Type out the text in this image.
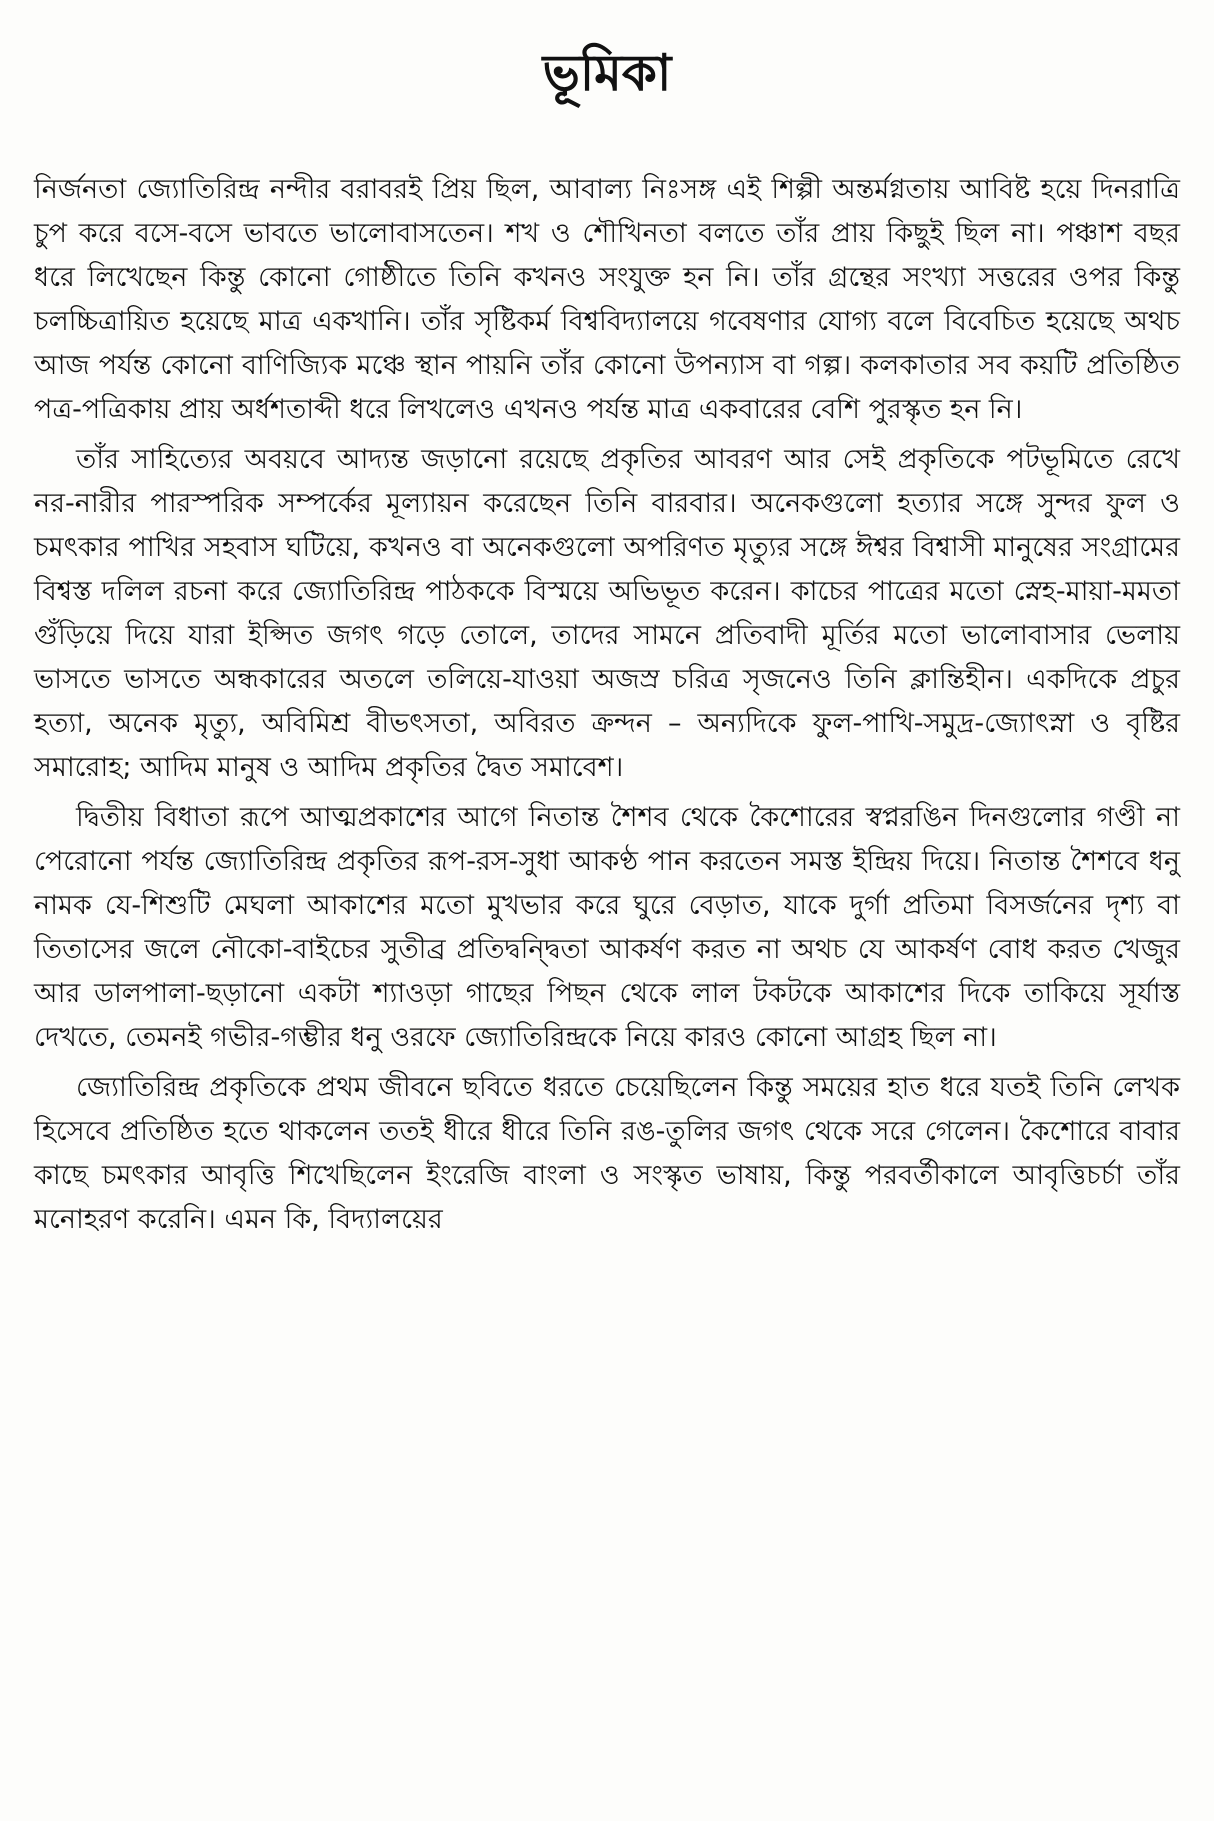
ভূমিকা

নির্জনতা জ্যোতিরিন্দ্র নন্দীর বরাবরই প্রিয় ছিল, আবাল্য নিঃসঙ্গ এই শিল্পী অন্তর্মগ্নতায় আবিষ্ট হয়ে দিনরাত্রি চুপ করে বসে-বসে ভাবতে ভালোবাসতেন। শখ ও শৌখিনতা বলতে তাঁর প্রায় কিছুই ছিল না। পঞ্চাশ বছর ধরে লিখেছেন কিন্তু কোনো গোষ্ঠীতে তিনি কখনও সংযুক্ত হন নি। তাঁর গ্রন্থের সংখ্যা সত্তরের ওপর কিন্তু চলচ্চিত্রায়িত হয়েছে মাত্র একখানি। তাঁর সৃষ্টিকর্ম বিশ্ববিদ্যালয়ে গবেষণার যোগ্য বলে বিবেচিত হয়েছে অথচ আজ পর্যন্ত কোনো বাণিজ্যিক মঞ্চে স্থান পায়নি তাঁর কোনো উপন্যাস বা গল্প। কলকাতার সব কয়টি প্রতিষ্ঠিত পত্র-পত্রিকায় প্রায় অর্ধশতাব্দী ধরে লিখলেও এখনও পর্যন্ত মাত্র একবারের বেশি পুরস্কৃত হন নি।

তাঁর সাহিত্যের অবয়বে আদ্যন্ত জড়ানো রয়েছে প্রকৃতির আবরণ আর সেই প্রকৃতিকে পটভূমিতে রেখে নর-নারীর পারস্পরিক সম্পর্কের মূল্যায়ন করেছেন তিনি বারবার। অনেকগুলো হত্যার সঙ্গে সুন্দর ফুল ও চমৎকার পাখির সহবাস ঘটিয়ে, কখনও বা অনেকগুলো অপরিণত মৃত্যুর সঙ্গে ঈশ্বর বিশ্বাসী মানুষের সংগ্রামের বিশ্বস্ত দলিল রচনা করে জ্যোতিরিন্দ্র পাঠককে বিস্ময়ে অভিভূত করেন। কাচের পাত্রের মতো স্নেহ-মায়া-মমতা গুঁড়িয়ে দিয়ে যারা ইপ্সিত জগৎ গড়ে তোলে, তাদের সামনে প্রতিবাদী মূর্তির মতো ভালোবাসার ভেলায় ভাসতে ভাসতে অন্ধকারের অতলে তলিয়ে-যাওয়া অজস্র চরিত্র সৃজনেও তিনি ক্লান্তিহীন। একদিকে প্রচুর হত্যা, অনেক মৃত্যু, অবিমিশ্র বীভৎসতা, অবিরত ক্রন্দন – অন্যদিকে ফুল-পাখি-সমুদ্র-জ্যোৎস্না ও বৃষ্টির সমারোহ; আদিম মানুষ ও আদিম প্রকৃতির দ্বৈত সমাবেশ।

দ্বিতীয় বিধাতা রূপে আত্মপ্রকাশের আগে নিতান্ত শৈশব থেকে কৈশোরের স্বপ্নরঙিন দিনগুলোর গণ্ডী না পেরোনো পর্যন্ত জ্যোতিরিন্দ্র প্রকৃতির রূপ-রস-সুধা আকণ্ঠ পান করতেন সমস্ত ইন্দ্রিয় দিয়ে। নিতান্ত শৈশবে ধনু নামক যে-শিশুটি মেঘলা আকাশের মতো মুখভার করে ঘুরে বেড়াত, যাকে দুর্গা প্রতিমা বিসর্জনের দৃশ্য বা তিতাসের জলে নৌকো-বাইচের সুতীব্র প্রতিদ্বন্দ্বিতা আকর্ষণ করত না অথচ যে আকর্ষণ বোধ করত খেজুর আর ডালপালা-ছড়ানো একটা শ্যাওড়া গাছের পিছন থেকে লাল টকটকে আকাশের দিকে তাকিয়ে সূর্যাস্ত দেখতে, তেমনই গভীর-গম্ভীর ধনু ওরফে জ্যোতিরিন্দ্রকে নিয়ে কারও কোনো আগ্রহ ছিল না।

জ্যোতিরিন্দ্র প্রকৃতিকে প্রথম জীবনে ছবিতে ধরতে চেয়েছিলেন কিন্তু সময়ের হাত ধরে যতই তিনি লেখক হিসেবে প্রতিষ্ঠিত হতে থাকলেন ততই ধীরে ধীরে তিনি রঙ-তুলির জগৎ থেকে সরে গেলেন। কৈশোরে বাবার কাছে চমৎকার আবৃত্তি শিখেছিলেন ইংরেজি বাংলা ও সংস্কৃত ভাষায়, কিন্তু পরবর্তীকালে আবৃত্তিচর্চা তাঁর মনোহরণ করেনি। এমন কি, বিদ্যালয়ের
